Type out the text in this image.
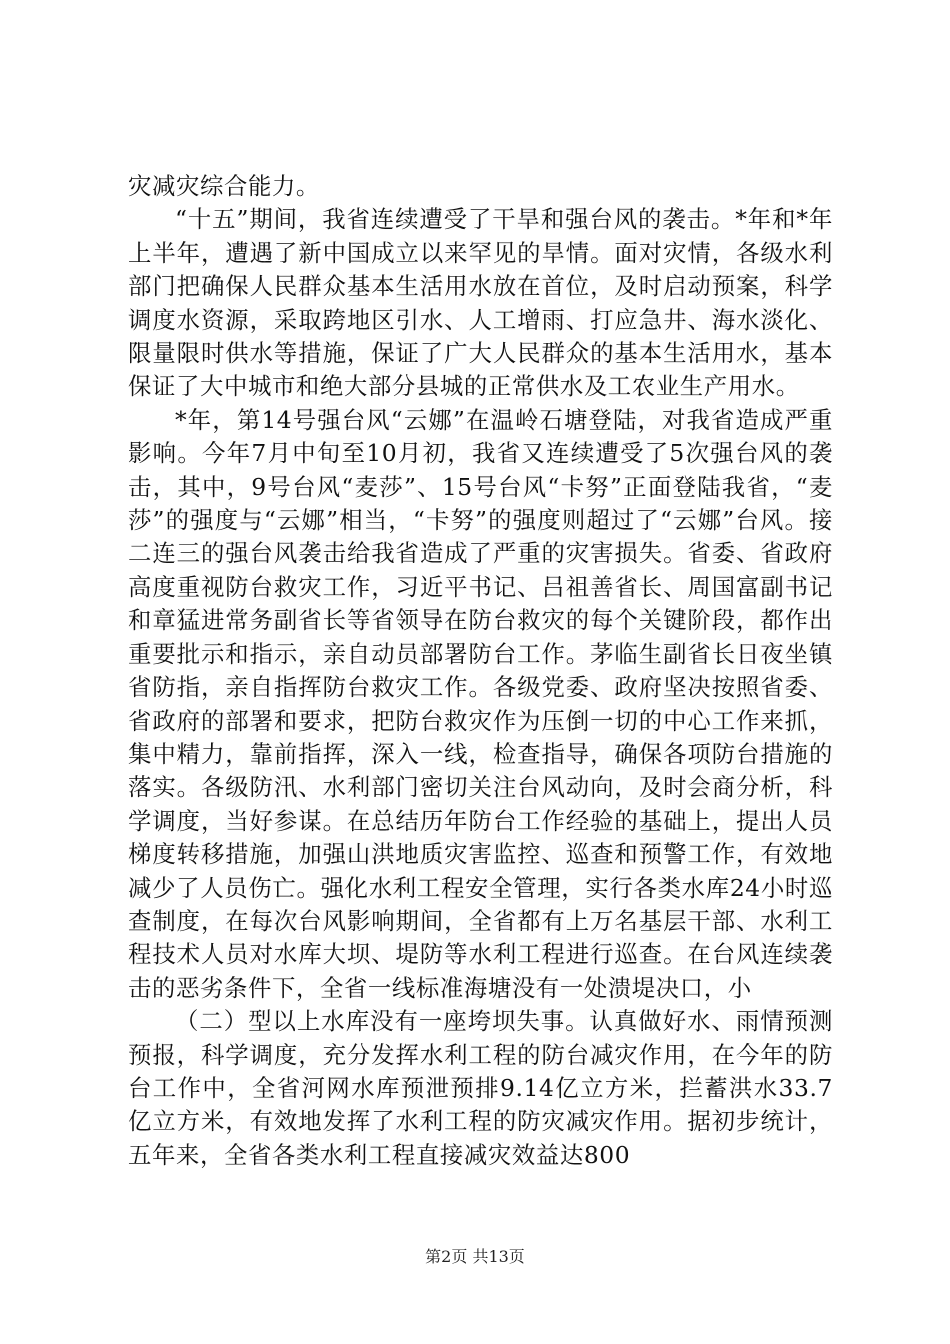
灾减灾综合能力。

“十五”期间，我省连续遭受了干旱和强台风的袭击。*年和*年上半年，遭遇了新中国成立以来罕见的旱情。面对灾情，各级水利部门把确保人民群众基本生活用水放在首位，及时启动预案，科学调度水资源，采取跨地区引水、人工增雨、打应急井、海水淡化、限量限时供水等措施，保证了广大人民群众的基本生活用水，基本保证了大中城市和绝大部分县城的正常供水及工农业生产用水。

*年，第14号强台风“云娜”在温岭石塘登陆，对我省造成严重影响。今年7月中旬至10月初，我省又连续遭受了5次强台风的袭击，其中，9号台风“麦莎”、15号台风“卡努”正面登陆我省，“麦莎”的强度与“云娜”相当，“卡努”的强度则超过了“云娜”台风。接二连三的强台风袭击给我省造成了严重的灾害损失。省委、省政府高度重视防台救灾工作，习近平书记、吕祖善省长、周国富副书记和章猛进常务副省长等省领导在防台救灾的每个关键阶段，都作出重要批示和指示，亲自动员部署防台工作。茅临生副省长日夜坐镇省防指，亲自指挥防台救灾工作。各级党委、政府坚决按照省委、省政府的部署和要求，把防台救灾作为压倒一切的中心工作来抓，集中精力，靠前指挥，深入一线，检查指导，确保各项防台措施的落实。各级防汛、水利部门密切关注台风动向，及时会商分析，科学调度，当好参谋。在总结历年防台工作经验的基础上，提出人员梯度转移措施，加强山洪地质灾害监控、巡查和预警工作，有效地减少了人员伤亡。强化水利工程安全管理，实行各类水库24小时巡查制度，在每次台风影响期间，全省都有上万名基层干部、水利工程技术人员对水库大坝、堤防等水利工程进行巡查。在台风连续袭击的恶劣条件下，全省一线标准海塘没有一处溃堤决口，小

（二）型以上水库没有一座垮坝失事。认真做好水、雨情预测预报，科学调度，充分发挥水利工程的防台减灾作用，在今年的防台工作中，全省河网水库预泄预排9.14亿立方米，拦蓄洪水33.7亿立方米，有效地发挥了水利工程的防灾减灾作用。据初步统计，五年来，全省各类水利工程直接减灾效益达800

第2页 共13页
